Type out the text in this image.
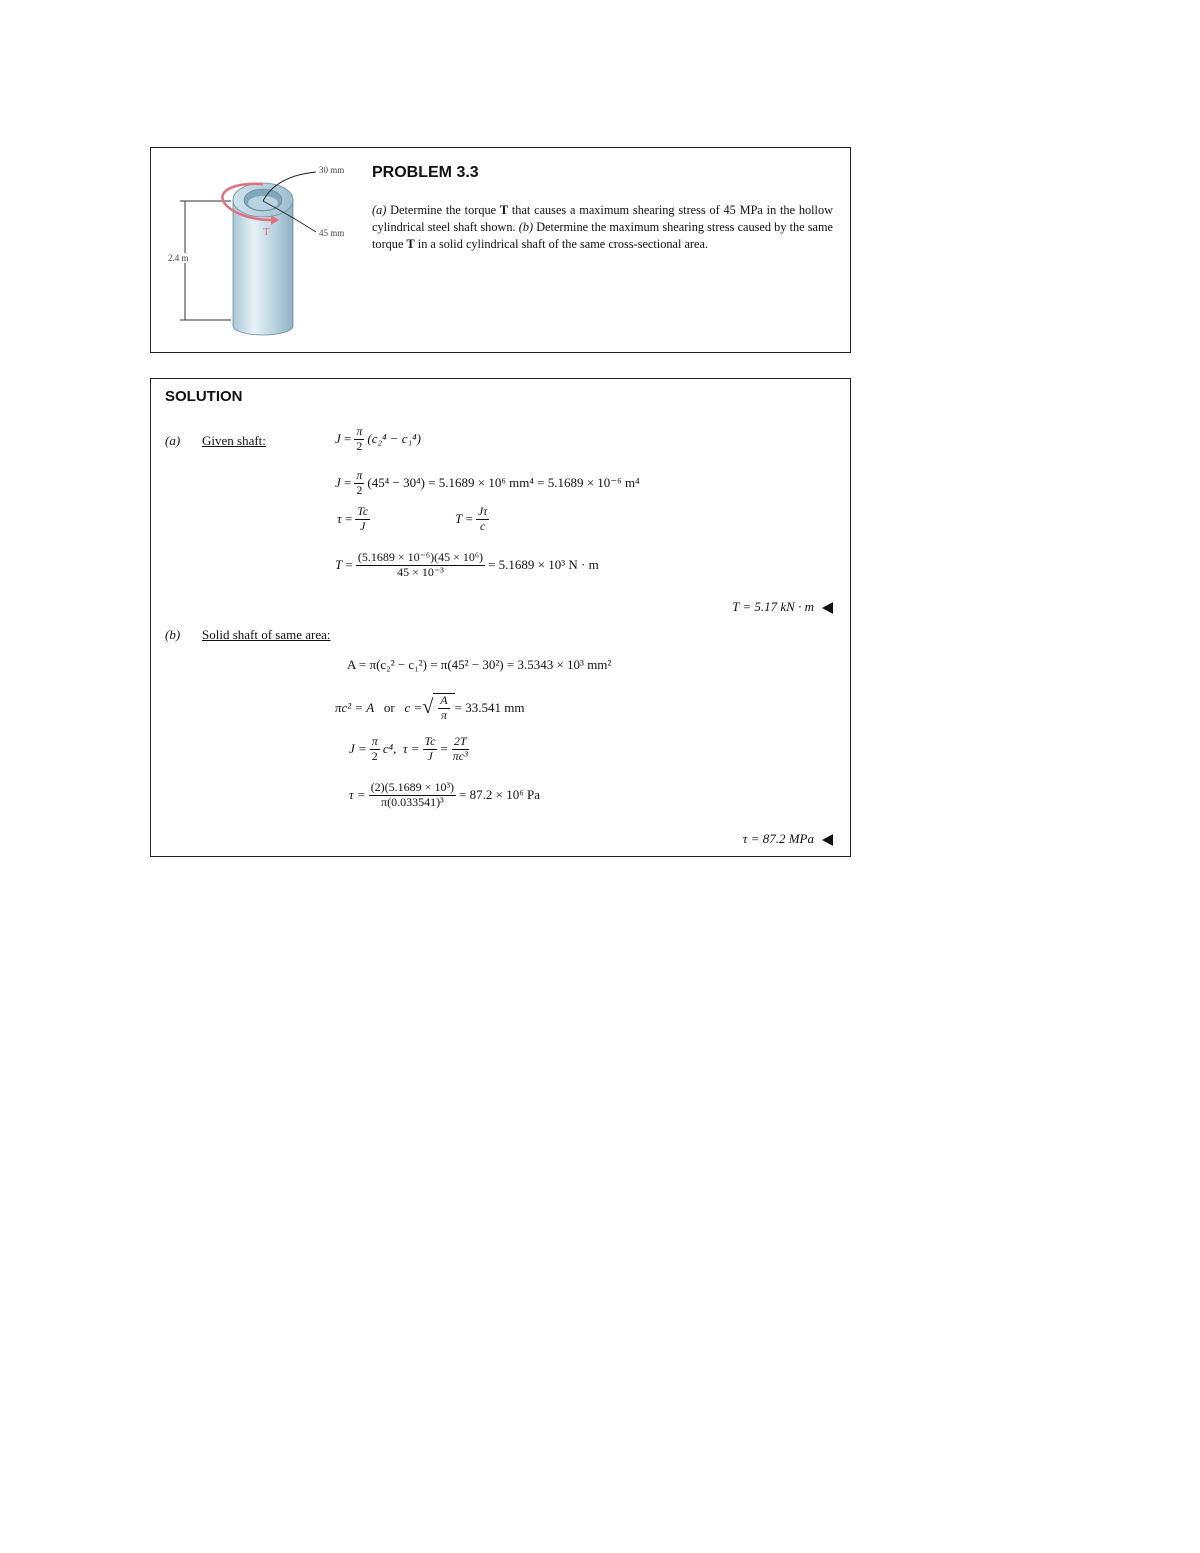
30 mm
45 mm
2.4 m
T
PROBLEM 3.3
(a) Determine the torque T that causes a maximum shearing stress of 45 MPa in the hollow cylindrical steel shaft shown. (b) Determine the maximum shearing stress caused by the same torque T in a solid cylindrical shaft of the same cross-sectional area.
SOLUTION
(a) Given shaft:	J
= $\frac{\pi}{2} (c_2^4 - c_1^4)$
$J = \frac{\pi}{2} (45^4 - 30^4) = 5.1689 \times 10^6$ mm⁴ = 5.1689 × 10⁻⁶ m⁴
$\tau = \frac{Tc}{J}$	$T = \frac{J\tau}{c}$
$T = \frac{\text{(5.1689 × 10⁻⁶)(45 × 10⁶)}}{\text{45 × 10⁻³}} = 5.1689 \times 10^3$ N · m
T = 5.17 kN · m
(b) Solid shaft of same area:
A = π(c₂² − c₁²) = π(45² − 30²) = 3.5343 × 10³ mm²
πc² = A
or
c = √ $\frac{A}{\pi} = 33.541$ mm
$J = \frac{\pi}{2} c^4$,
$\tau = \frac{Tc}{J} = \frac{2T}{\text{πc³}}$
$\tau = \frac{\text{(2)(5.1689 × 10³)}}{\text{π(0.033541)³}} = 87.2 \times 10^6$ Pa
τ = 87.2 MPa
